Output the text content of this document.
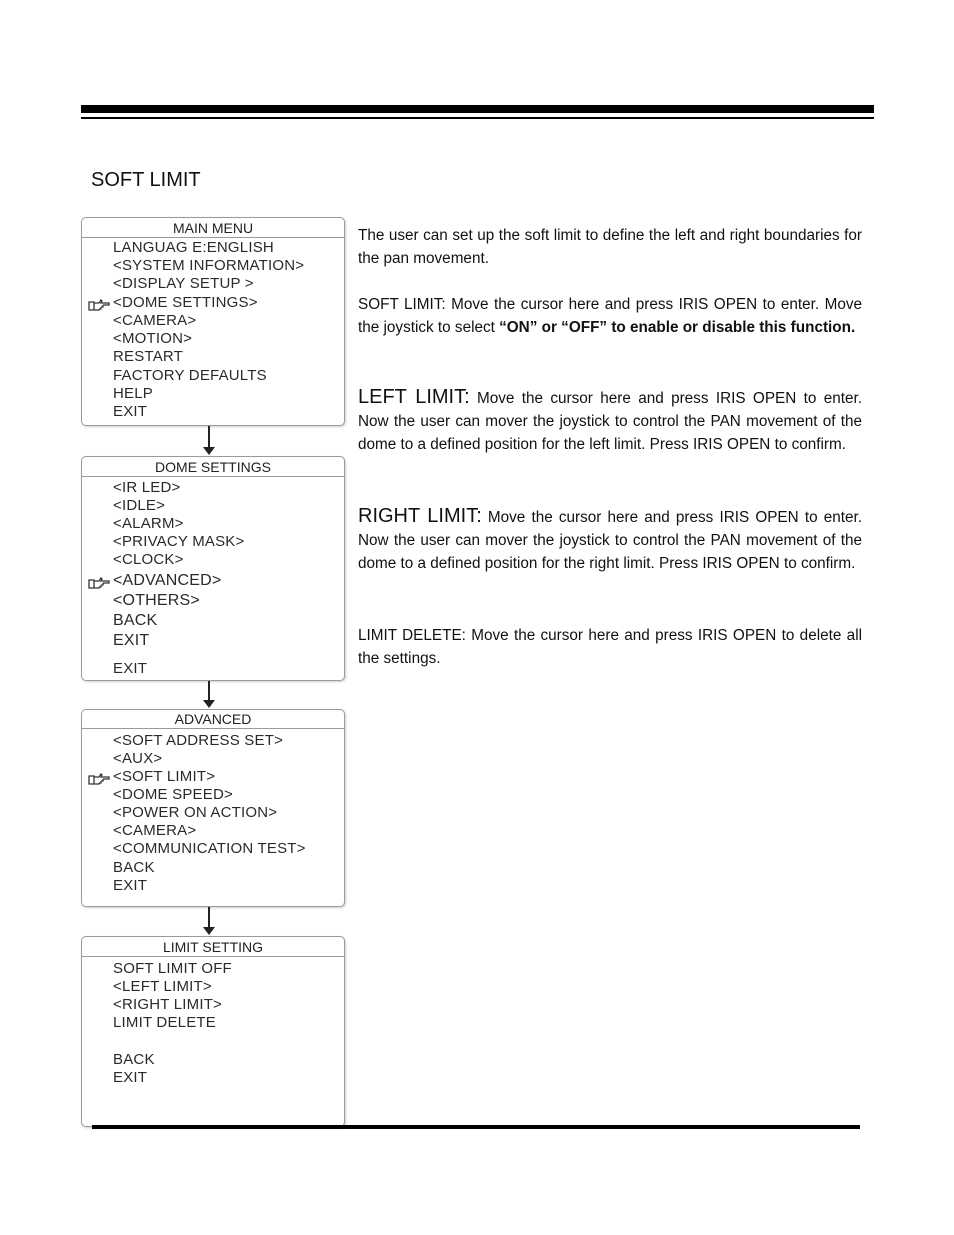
SOFT LIMIT
MAIN MENU
LANGUAG E:ENGLISH
<SYSTEM INFORMATION>
<DISPLAY SETUP >
<DOME SETTINGS>
<CAMERA>
<MOTION>
RESTART
FACTORY DEFAULTS
HELP
EXIT
DOME SETTINGS
<IR LED>
<IDLE>
<ALARM>
<PRIVACY MASK>
<CLOCK>
<ADVANCED>
<OTHERS>
BACK
EXIT
EXIT
ADVANCED
<SOFT ADDRESS SET>
<AUX>
<SOFT LIMIT>
<DOME SPEED>
<POWER ON ACTION>
<CAMERA>
<COMMUNICATION TEST>
BACK
EXIT
LIMIT SETTING
SOFT LIMIT OFF
<LEFT LIMIT>
<RIGHT LIMIT>
LIMIT DELETE
BACK
EXIT

The user can set up the soft limit to define the left and right boundaries for the pan movement.

SOFT LIMIT: Move the cursor here and press IRIS OPEN to enter. Move the joystick to select “ON” or “OFF” to enable or disable this function.

LEFT LIMIT: Move the cursor here and press IRIS OPEN to enter. Now the user can mover the joystick to control the PAN movement of the dome to a defined position for the left limit. Press IRIS OPEN to confirm.

RIGHT LIMIT: Move the cursor here and press IRIS OPEN to enter. Now the user can mover the joystick to control the PAN movement of the dome to a defined position for the right limit. Press IRIS OPEN to confirm.

LIMIT DELETE: Move the cursor here and press IRIS OPEN to delete all the settings.
